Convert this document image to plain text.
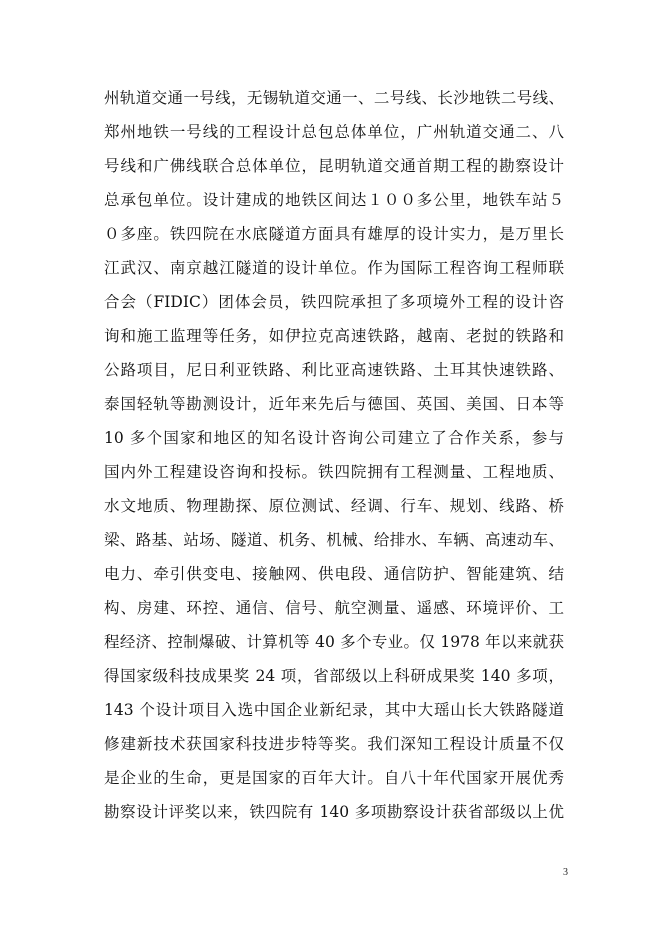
州轨道交通一号线，无锡轨道交通一、二号线、长沙地铁二号线、
郑州地铁一号线的工程设计总包总体单位，广州轨道交通二、八
号线和广佛线联合总体单位，昆明轨道交通首期工程的勘察设计
总承包单位。设计建成的地铁区间达１００多公里，地铁车站５
０多座。铁四院在水底隧道方面具有雄厚的设计实力，是万里长
江武汉、南京越江隧道的设计单位。作为国际工程咨询工程师联
合会（FIDIC）团体会员，铁四院承担了多项境外工程的设计咨
询和施工监理等任务，如伊拉克高速铁路，越南、老挝的铁路和
公路项目，尼日利亚铁路、利比亚高速铁路、土耳其快速铁路、
泰国轻轨等勘测设计，近年来先后与德国、英国、美国、日本等
10 多个国家和地区的知名设计咨询公司建立了合作关系，参与
国内外工程建设咨询和投标。铁四院拥有工程测量、工程地质、
水文地质、物理勘探、原位测试、经调、行车、规划、线路、桥
梁、路基、站场、隧道、机务、机械、给排水、车辆、高速动车、
电力、牵引供变电、接触网、供电段、通信防护、智能建筑、结
构、房建、环控、通信、信号、航空测量、遥感、环境评价、工
程经济、控制爆破、计算机等 40 多个专业。仅 1978 年以来就获
得国家级科技成果奖 24 项，省部级以上科研成果奖 140 多项，
143 个设计项目入选中国企业新纪录，其中大瑶山长大铁路隧道
修建新技术获国家科技进步特等奖。我们深知工程设计质量不仅
是企业的生命，更是国家的百年大计。自八十年代国家开展优秀
勘察设计评奖以来，铁四院有 140 多项勘察设计获省部级以上优
3
